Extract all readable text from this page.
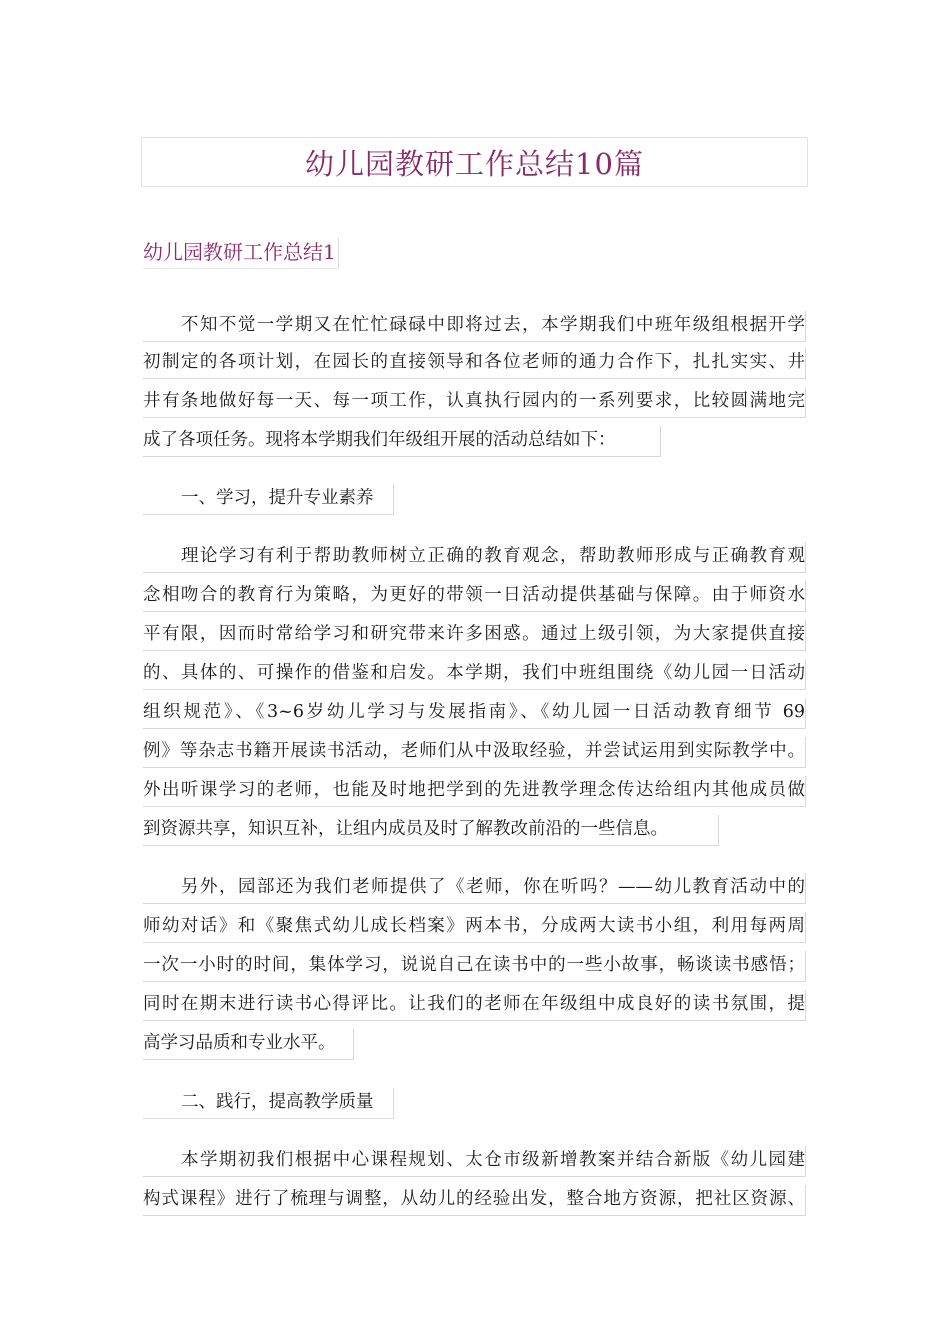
幼儿园教研工作总结10篇
幼儿园教研工作总结1
不知不觉一学期又在忙忙碌碌中即将过去，本学期我们中班年级组根据开学
初制定的各项计划，在园长的直接领导和各位老师的通力合作下，扎扎实实、井
井有条地做好每一天、每一项工作，认真执行园内的一系列要求，比较圆满地完
成了各项任务。现将本学期我们年级组开展的活动总结如下：
一、学习，提升专业素养
理论学习有利于帮助教师树立正确的教育观念，帮助教师形成与正确教育观
念相吻合的教育行为策略，为更好的带领一日活动提供基础与保障。由于师资水
平有限，因而时常给学习和研究带来许多困惑。通过上级引领，为大家提供直接
的、具体的、可操作的借鉴和启发。本学期，我们中班组围绕《幼儿园一日活动
组织规范》、《3~6岁幼儿学习与发展指南》、《幼儿园一日活动教育细节 69
例》等杂志书籍开展读书活动，老师们从中汲取经验，并尝试运用到实际教学中。
外出听课学习的老师，也能及时地把学到的先进教学理念传达给组内其他成员做
到资源共享，知识互补，让组内成员及时了解教改前沿的一些信息。
另外，园部还为我们老师提供了《老师，你在听吗？——幼儿教育活动中的
师幼对话》和《聚焦式幼儿成长档案》两本书，分成两大读书小组，利用每两周
一次一小时的时间，集体学习，说说自己在读书中的一些小故事，畅谈读书感悟；
同时在期末进行读书心得评比。让我们的老师在年级组中成良好的读书氛围，提
高学习品质和专业水平。
二、践行，提高教学质量
本学期初我们根据中心课程规划、太仓市级新增教案并结合新版《幼儿园建
构式课程》进行了梳理与调整，从幼儿的经验出发，整合地方资源，把社区资源、
